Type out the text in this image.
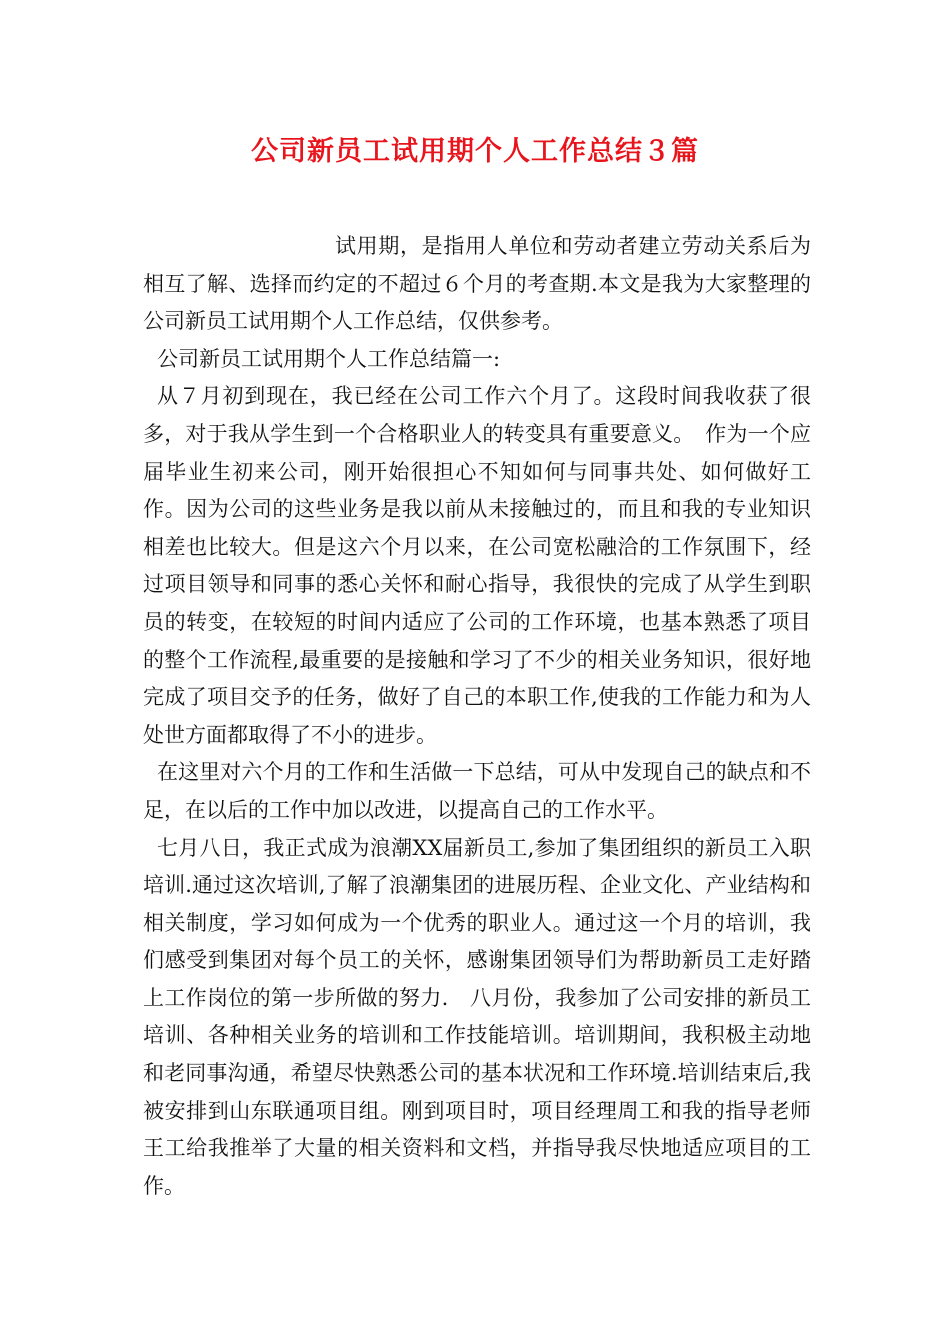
公司新员工试用期个人工作总结３篇

试用期，是指用人单位和劳动者建立劳动关系后为相互了解、选择而约定的不超过６个月的考查期.本文是我为大家整理的公司新员工试用期个人工作总结，仅供参考。

公司新员工试用期个人工作总结篇一:

从７月初到现在，我已经在公司工作六个月了。这段时间我收获了很多，对于我从学生到一个合格职业人的转变具有重要意义。　作为一个应届毕业生初来公司，刚开始很担心不知如何与同事共处、如何做好工作。因为公司的这些业务是我以前从未接触过的，而且和我的专业知识相差也比较大。但是这六个月以来，在公司宽松融洽的工作氛围下，经过项目领导和同事的悉心关怀和耐心指导，我很快的完成了从学生到职员的转变，在较短的时间内适应了公司的工作环境，也基本熟悉了项目的整个工作流程,最重要的是接触和学习了不少的相关业务知识，很好地完成了项目交予的任务，做好了自己的本职工作,使我的工作能力和为人处世方面都取得了不小的进步。

在这里对六个月的工作和生活做一下总结，可从中发现自己的缺点和不足，在以后的工作中加以改进，以提高自己的工作水平。

七月八日，我正式成为浪潮XX届新员工,参加了集团组织的新员工入职培训.通过这次培训,了解了浪潮集团的进展历程、企业文化、产业结构和相关制度，学习如何成为一个优秀的职业人。通过这一个月的培训，我们感受到集团对每个员工的关怀，感谢集团领导们为帮助新员工走好踏上工作岗位的第一步所做的努力.　八月份，我参加了公司安排的新员工培训、各种相关业务的培训和工作技能培训。培训期间，我积极主动地和老同事沟通，希望尽快熟悉公司的基本状况和工作环境.培训结束后,我被安排到山东联通项目组。刚到项目时，项目经理周工和我的指导老师王工给我推举了大量的相关资料和文档，并指导我尽快地适应项目的工作。
